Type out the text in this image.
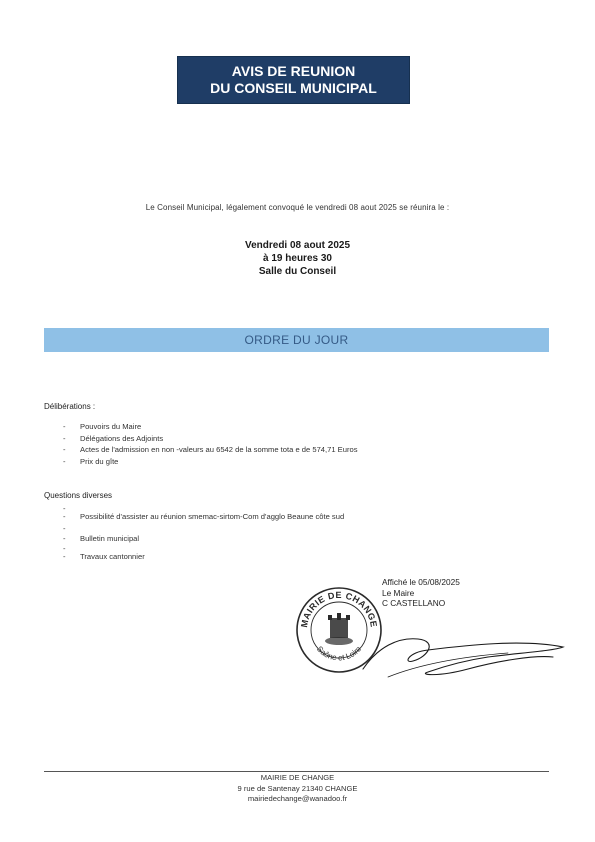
AVIS DE REUNION
DU CONSEIL MUNICIPAL
Le Conseil Municipal, légalement convoqué le vendredi 08 aout 2025 se réunira le :
Vendredi 08 aout 2025
à 19 heures 30
Salle du Conseil
ORDRE DU JOUR
Délibérations :
- Pouvoirs du Maire
- Délégations des Adjoints
- Actes de l'admission en non -valeurs au 6542 de la somme tota e de 574,71 Euros
- Prix du gîte
Questions diverses
-
- Possibilité d'assister au réunion smemac-sirtom-Com d'agglo Beaune côte sud
-
- Bulletin municipal
-
- Travaux cantonnier
Affiché le 05/08/2025
Le Maire
C CASTELLANO
MAIRIE DE CHANGE
Saône et Loire
MAIRIE DE CHANGE
9 rue de Santenay 21340 CHANGE
mairiedechange@wanadoo.fr
